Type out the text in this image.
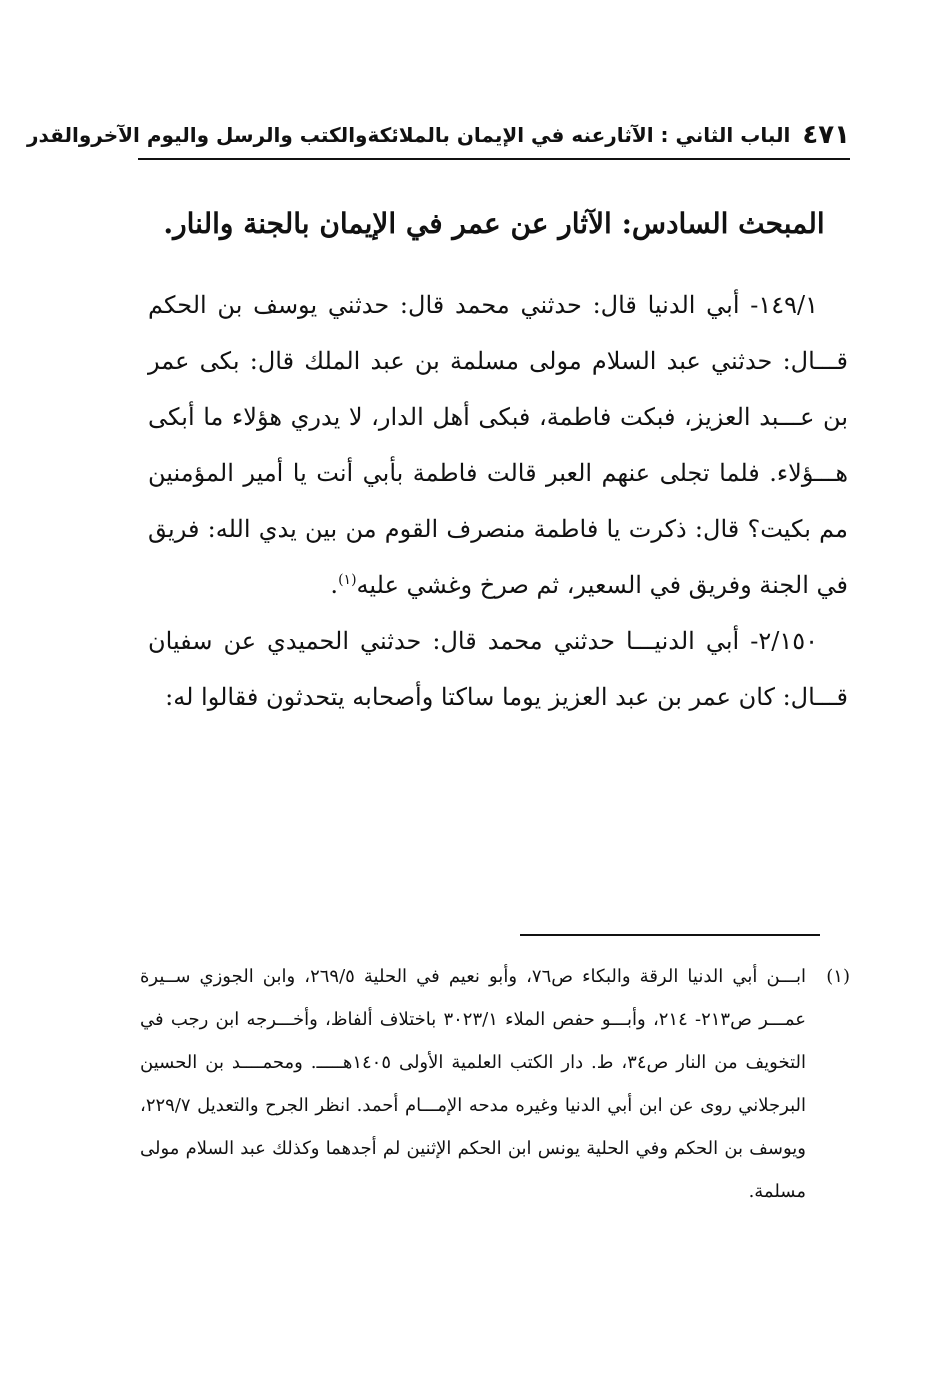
٤٧١
الباب الثاني : الآثارعنه في الإيمان بالملائكةوالكتب والرسل واليوم الآخروالقدر
المبحث السادس: الآثار عن عمر في الإيمان بالجنة والنار.

١٤٩/١- أبي الدنيا قال: حدثني محمد قال: حدثني يوسف بن الحكم قـــال: حدثني عبد السلام مولى مسلمة بن عبد الملك قال: بكى عمر بن عـــبد العزيز، فبكت فاطمة، فبكى أهل الدار، لا يدري هؤلاء ما أبكى هـــؤلاء. فلما تجلى عنهم العبر قالت فاطمة بأبي أنت يا أمير المؤمنين مم بكيت؟ قال: ذكرت يا فاطمة منصرف القوم من بين يدي الله: فريق في الجنة وفريق في السعير، ثم صرخ وغشي عليه$^{(١)}$.

٢/١٥٠- أبي الدنيـــا حدثني محمد قال: حدثني الحميدي عن سفيان قـــال: كان عمر بن عبد العزيز يوما ساكتا وأصحابه يتحدثون فقالوا له:

(١)

ابـــن أبي الدنيا الرقة والبكاء ص٧٦، وأبو نعيم في الحلية ٢٦٩/٥، وابن الجوزي ســيرة عمـــر ص٢١٣- ٢١٤، وأبـــو حفص الملاء ٣٠٢٣/١ باختلاف ألفاظ، وأخـــرجه ابن رجب في التخويف من النار ص٣٤، ط. دار الكتب العلمية الأولى ١٤٠٥هـــــ. ومحمــــد بن الحسين البرجلاني روى عن ابن أبي الدنيا وغيره مدحه الإمـــام أحمد. انظر الجرح والتعديل ٢٢٩/٧، ويوسف بن الحكم وفي الحلية يونس ابن الحكم الإثنين لم أجدهما وكذلك عبد السلام مولى مسلمة.
